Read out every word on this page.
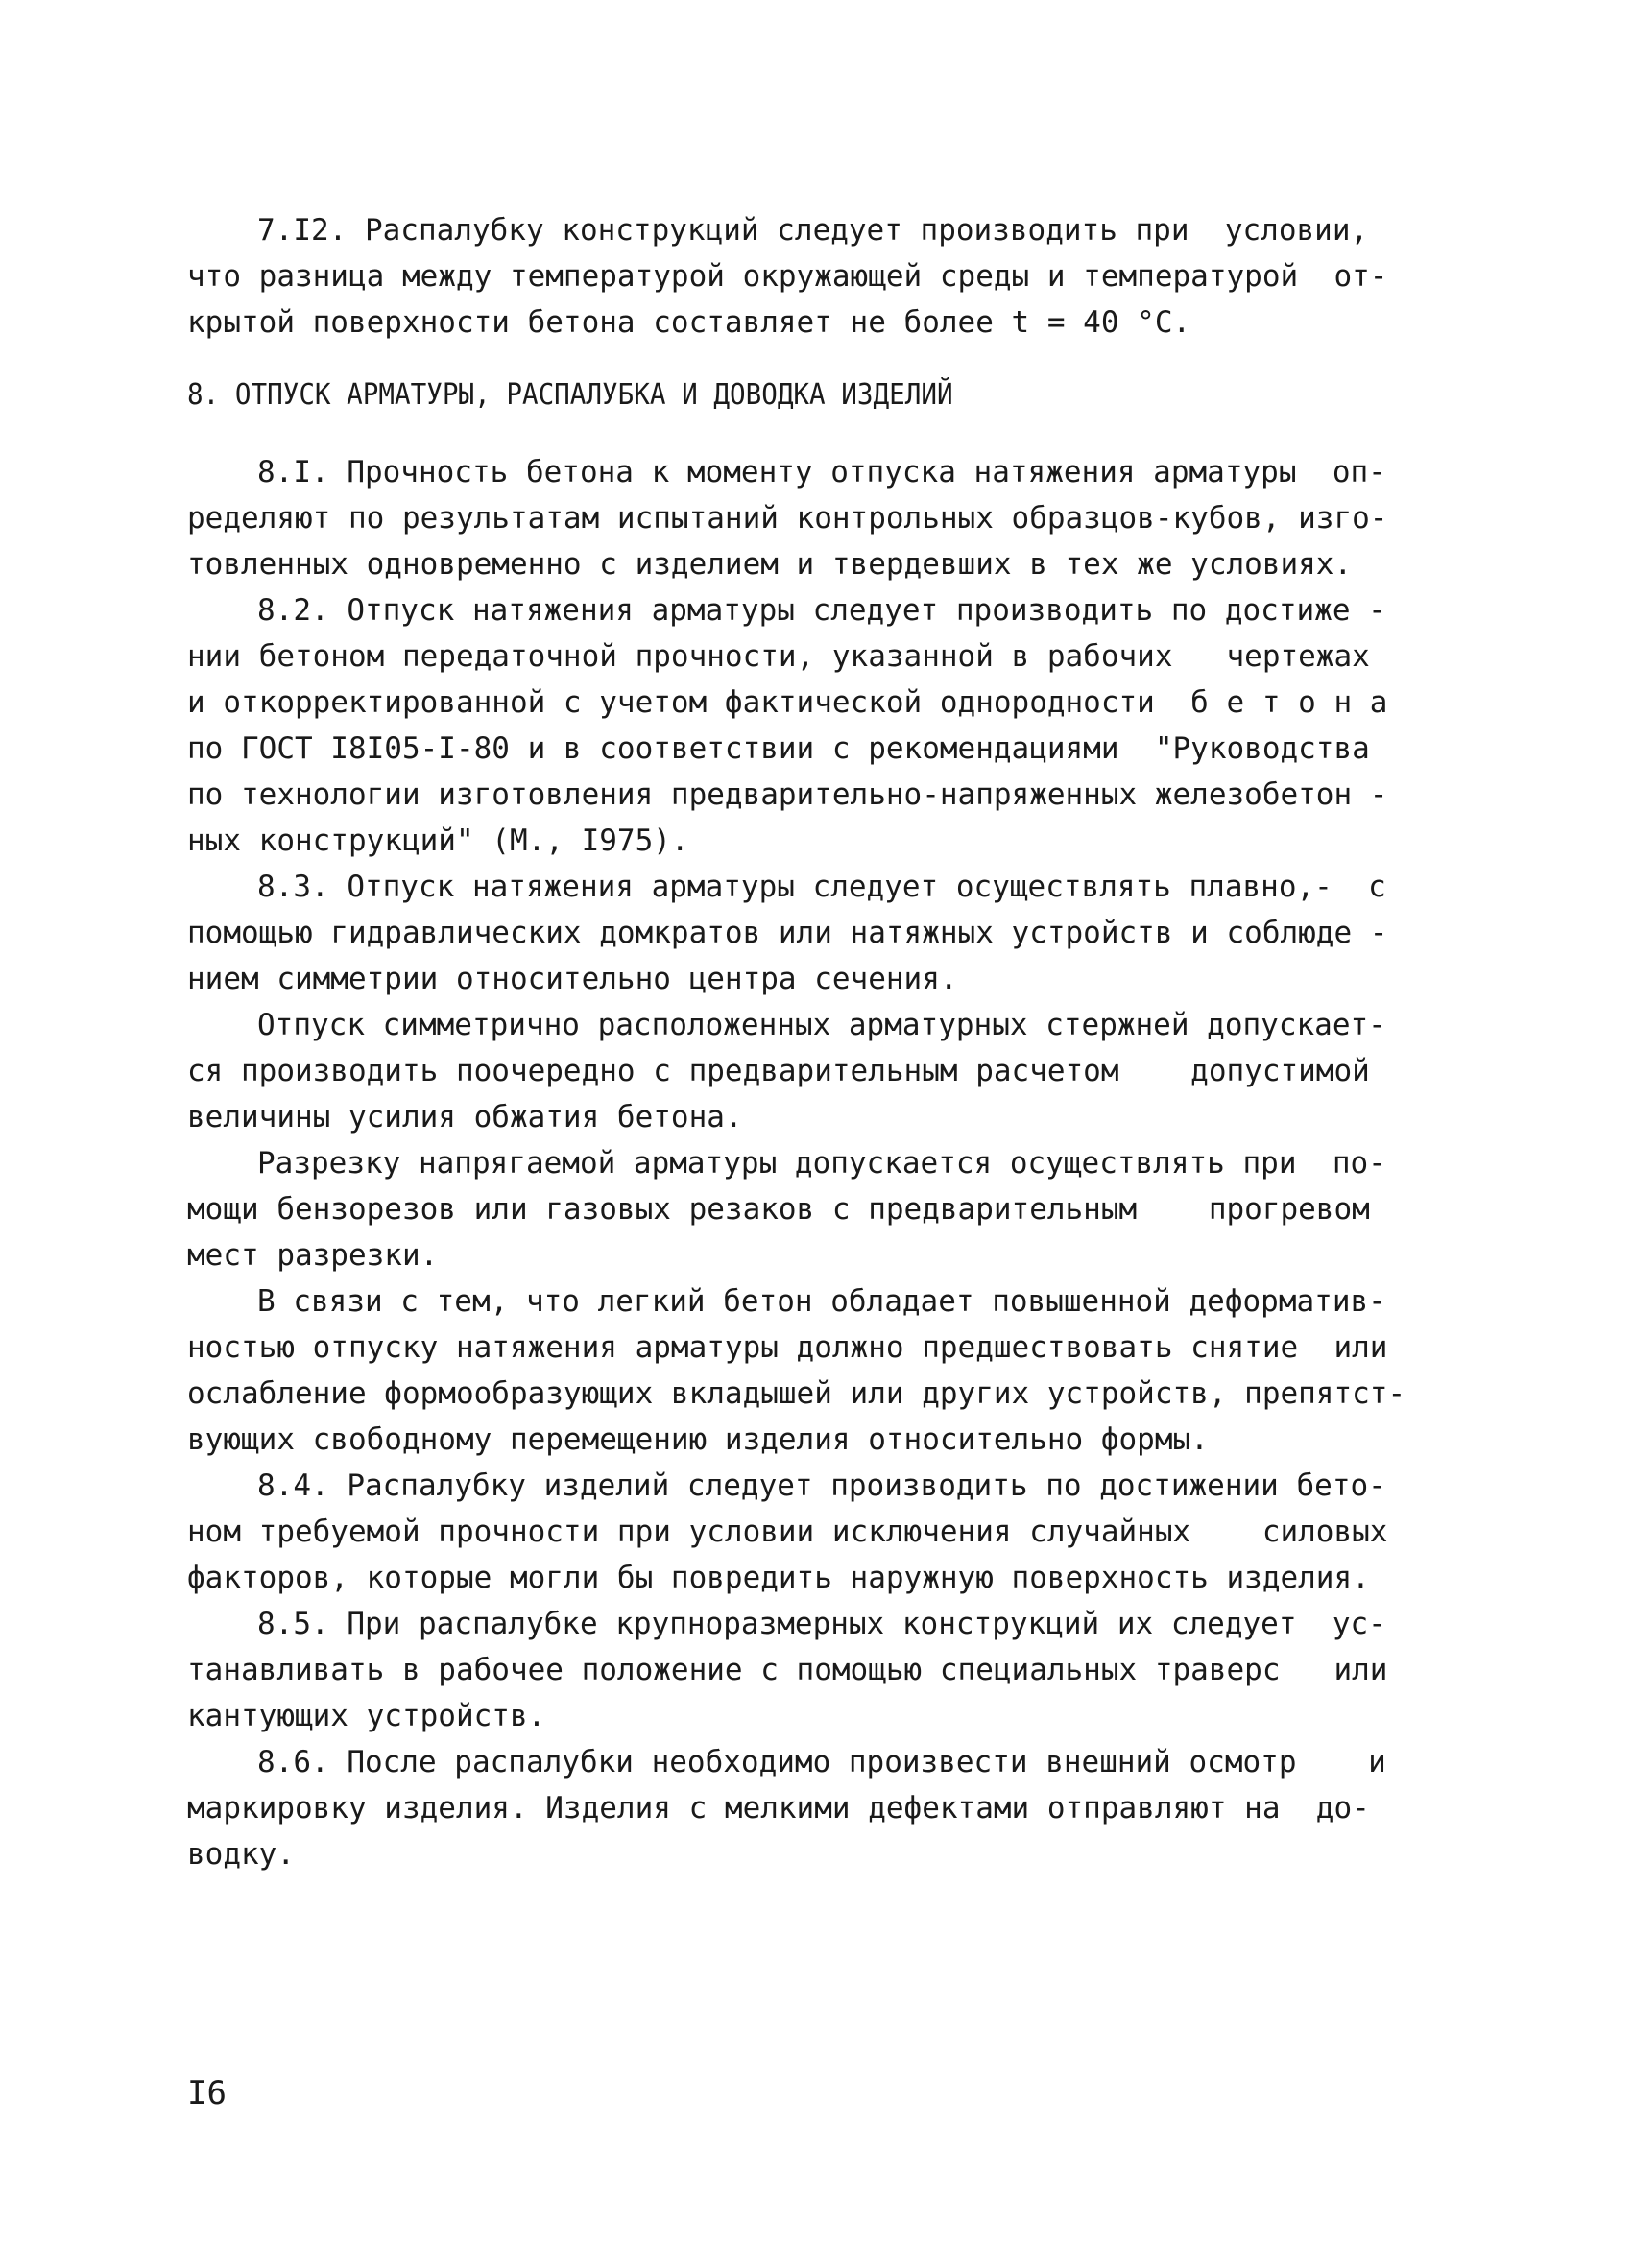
7.I2. Распалубку конструкций следует производить при  условии,

что разница между температурой окружающей среды и температурой  от-

крытой поверхности бетона составляет не более t = 40 °С.

8. ОТПУСК АРМАТУРЫ, РАСПАЛУБКА И ДОВОДКА ИЗДЕЛИЙ

8.I. Прочность бетона к моменту отпуска натяжения арматуры  оп-

ределяют по результатам испытаний контрольных образцов-кубов, изго-

товленных одновременно с изделием и твердевших в тех же условиях.

8.2. Отпуск натяжения арматуры следует производить по достиже -

нии бетоном передаточной прочности, указанной в рабочих   чертежах

и откорректированной с учетом фактической однородности  б е т о н а

по ГОСТ I8I05-I-80 и в соответствии с рекомендациями  "Руководства

по технологии изготовления предварительно-напряженных железобетон -

ных конструкций" (М., I975).

8.3. Отпуск натяжения арматуры следует осуществлять плавно,-  с

помощью гидравлических домкратов или натяжных устройств и соблюде -

нием симметрии относительно центра сечения.

Отпуск симметрично расположенных арматурных стержней допускает-

ся производить поочередно с предварительным расчетом    допустимой

величины усилия обжатия бетона.

Разрезку напрягаемой арматуры допускается осуществлять при  по-

мощи бензорезов или газовых резаков с предварительным    прогревом

мест разрезки.

В связи с тем, что легкий бетон обладает повышенной деформатив-

ностью отпуску натяжения арматуры должно предшествовать снятие  или

ослабление формообразующих вкладышей или других устройств, препятст-

вующих свободному перемещению изделия относительно формы.

8.4. Распалубку изделий следует производить по достижении бето-

ном требуемой прочности при условии исключения случайных    силовых

факторов, которые могли бы повредить наружную поверхность изделия.

8.5. При распалубке крупноразмерных конструкций их следует  ус-

танавливать в рабочее положение с помощью специальных траверс   или

кантующих устройств.

8.6. После распалубки необходимо произвести внешний осмотр    и

маркировку изделия. Изделия с мелкими дефектами отправляют на  до-

водку.

I6
